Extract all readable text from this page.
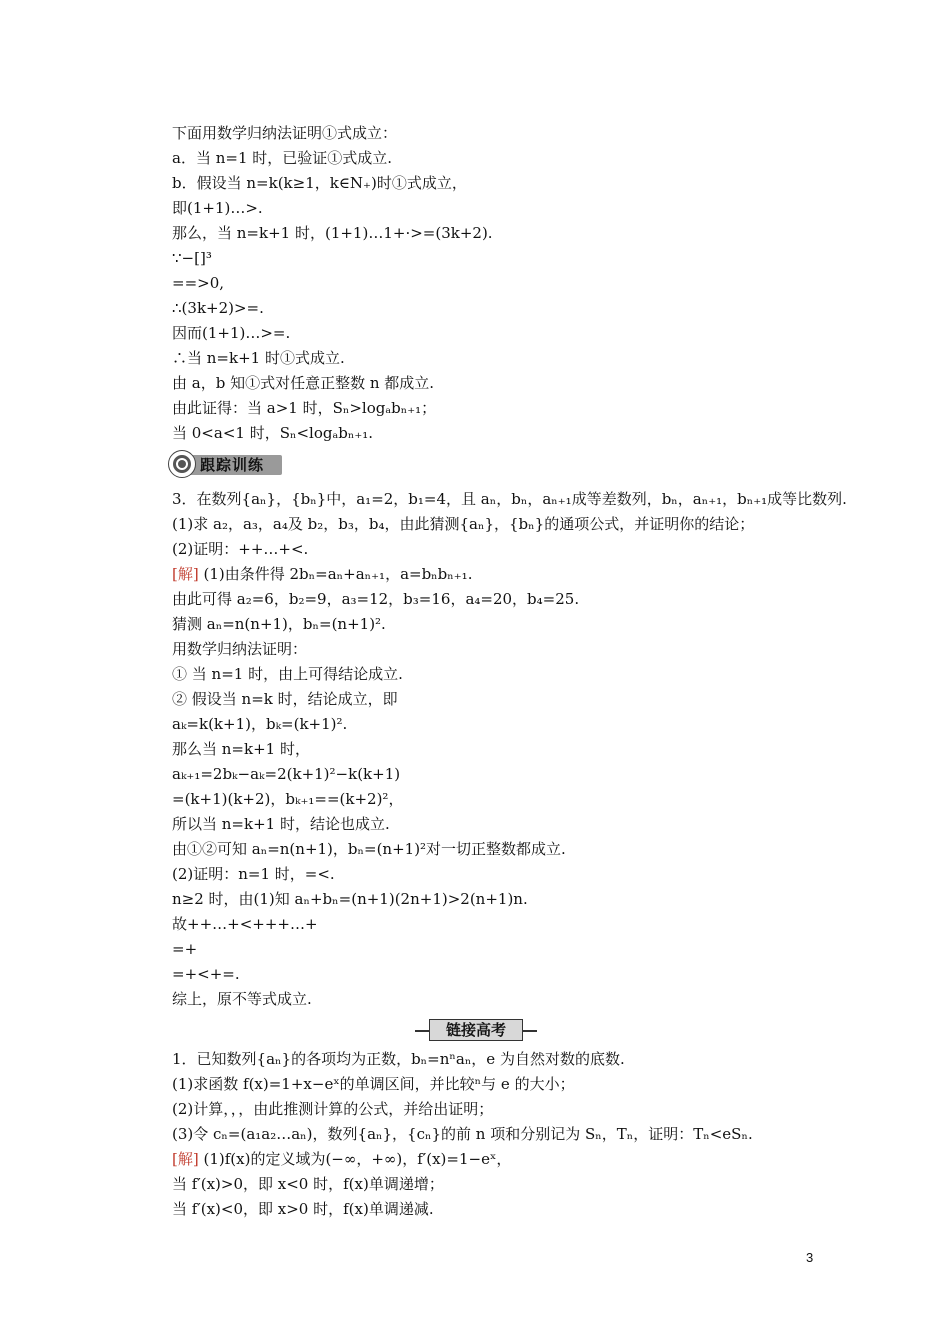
下面用数学归纳法证明①式成立：
a．当 n=1 时，已验证①式成立.
b．假设当 n=k(k≥1，k∈N₊)时①式成立，
即(1+1)…>.
那么，当 n=k+1 时，(1+1)…1+·>=(3k+2).
∵−[]³
==>0,
∴(3k+2)>=.
因而(1+1)…>=.
∴当 n=k+1 时①式成立.
由 a，b 知①式对任意正整数 n 都成立.
由此证得：当 a>1 时，Sₙ>logₐbₙ₊₁；
当 0<a<1 时，Sₙ<logₐbₙ₊₁.
跟踪训练
3．在数列{aₙ}，{bₙ}中，a₁=2，b₁=4，且 aₙ，bₙ，aₙ₊₁成等差数列，bₙ，aₙ₊₁，bₙ₊₁成等比数列.
(1)求 a₂，a₃，a₄及 b₂，b₃，b₄，由此猜测{aₙ}，{bₙ}的通项公式，并证明你的结论；
(2)证明：++…+<.
[解] (1)由条件得 2bₙ=aₙ+aₙ₊₁，a=bₙbₙ₊₁.
由此可得 a₂=6，b₂=9，a₃=12，b₃=16，a₄=20，b₄=25.
猜测 aₙ=n(n+1)，bₙ=(n+1)².
用数学归纳法证明：
① 当 n=1 时，由上可得结论成立.
② 假设当 n=k 时，结论成立，即
aₖ=k(k+1)，bₖ=(k+1)².
那么当 n=k+1 时，
aₖ₊₁=2bₖ−aₖ=2(k+1)²−k(k+1)
=(k+1)(k+2)，bₖ₊₁==(k+2)²，
所以当 n=k+1 时，结论也成立.
由①②可知 aₙ=n(n+1)，bₙ=(n+1)²对一切正整数都成立.
(2)证明：n=1 时，=<.
n≥2 时，由(1)知 aₙ+bₙ=(n+1)(2n+1)>2(n+1)n.
故++…+<+++…+
=+
=+<+=.
综上，原不等式成立.
链接高考
1．已知数列{aₙ}的各项均为正数，bₙ=nⁿaₙ，e 为自然对数的底数.
(1)求函数 f(x)=1+x−eˣ的单调区间，并比较ⁿ与 e 的大小；
(2)计算，，，由此推测计算的公式，并给出证明；
(3)令 cₙ=(a₁a₂…aₙ)，数列{aₙ}，{cₙ}的前 n 项和分别记为 Sₙ，Tₙ，证明：Tₙ<eSₙ.
[解] (1)f(x)的定义域为(−∞，+∞)，f′(x)=1−eˣ，
当 f′(x)>0，即 x<0 时，f(x)单调递增；
当 f′(x)<0，即 x>0 时，f(x)单调递减.
3
